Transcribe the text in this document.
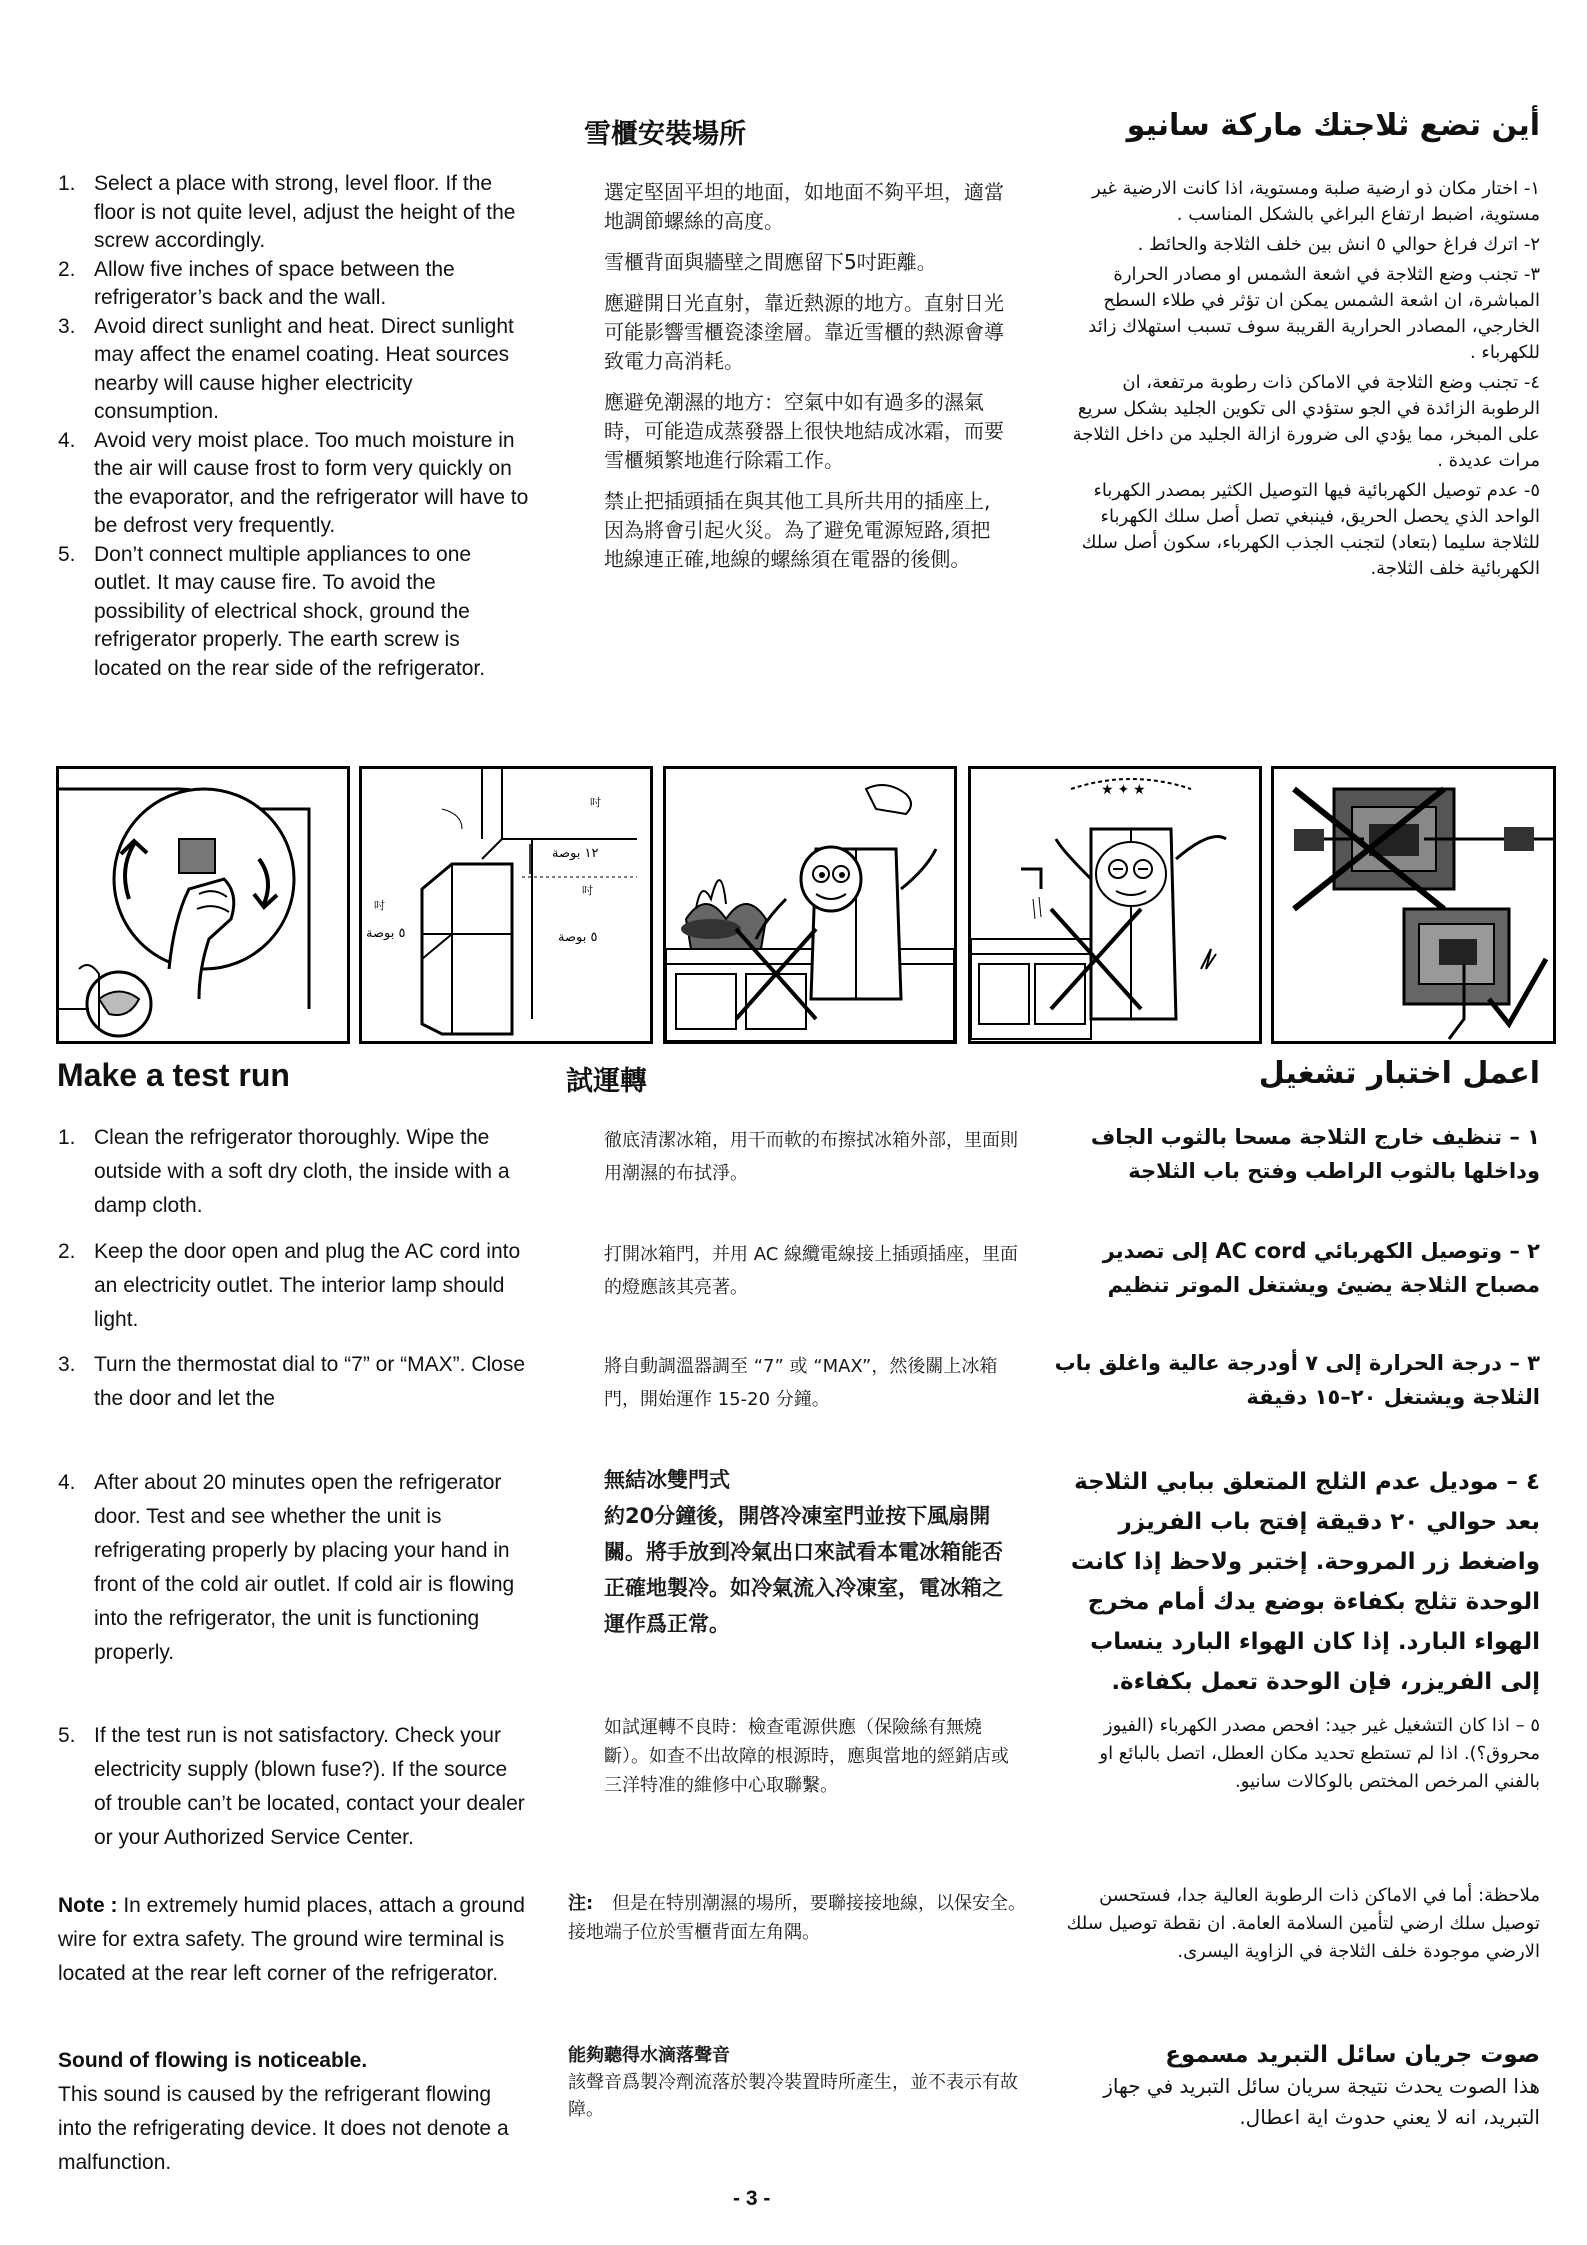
雪櫃安裝場所	أين تضع ثلاجتك ماركة سانيو
1. Select a place with strong, level floor. If the floor is not quite level, adjust the height of the screw accordingly.
2. Allow five inches of space between the refrigerator’s back and the wall.
3. Avoid direct sunlight and heat. Direct sunlight may affect the enamel coating. Heat sources nearby will cause higher electricity consumption.
4. Avoid very moist place. Too much moisture in the air will cause frost to form very quickly on the evaporator, and the refrigerator will have to be defrost very frequently.
5. Don’t connect multiple appliances to one outlet. It may cause fire. To avoid the possibility of electrical shock, ground the refrigerator properly. The earth screw is located on the rear side of the refrigerator.

選定堅固平坦的地面，如地面不夠平坦，適當地調節螺絲的高度。

雪櫃背面與牆壁之間應留下5吋距離。

應避開日光直射，靠近熱源的地方。直射日光可能影響雪櫃瓷漆塗層。靠近雪櫃的熱源會導致電力高消耗。

應避免潮濕的地方：空氣中如有過多的濕氣時，可能造成蒸發器上很快地結成冰霜，而要雪櫃頻繁地進行除霜工作。

禁止把插頭插在與其他工具所共用的插座上,因為將會引起火災。為了避免電源短路,須把地線連正確,地線的螺絲須在電器的後側。

١- اختار مكان ذو ارضية صلبة ومستوية، اذا كانت الارضية غير مستوية، اضبط ارتفاع البراغي بالشكل المناسب .

٢- اترك فراغ حوالي ٥ انش بين خلف الثلاجة والحائط .

٣- تجنب وضع الثلاجة في اشعة الشمس او مصادر الحرارة المباشرة، ان اشعة الشمس يمكن ان تؤثر في طلاء السطح الخارجي، المصادر الحرارية القريبة سوف تسبب استهلاك زائد للكهرباء .

٤- تجنب وضع الثلاجة في الاماكن ذات رطوبة مرتفعة، ان الرطوبة الزائدة في الجو ستؤدي الى تكوين الجليد بشكل سريع على المبخر، مما يؤدي الى ضرورة ازالة الجليد من داخل الثلاجة مرات عديدة .

٥- عدم توصيل الكهربائية فيها التوصيل الكثير بمصدر الكهرباء الواحد الذي يحصل الحريق، فينبغي تصل أصل سلك الكهرباء للثلاجة سليما (بتعاد) لتجنب الجذب الكهرباء، سكون أصل سلك الكهربائية خلف الثلاجة.

吋
١٢ بوصة
吋
٥ بوصة
吋
٥ بوصة
★ ✦ ★
Make a test run	試運轉	اعمل اختبار تشغيل
1. Clean the refrigerator thoroughly. Wipe the outside with a soft dry cloth, the inside with a damp cloth.
徹底清潔冰箱，用干而軟的布擦拭冰箱外部，里面則用潮濕的布拭淨。
١ – تنظيف خارج الثلاجة مسحا بالثوب الجاف وداخلها بالثوب الراطب وفتح باب الثلاجة
2. Keep the door open and plug the AC cord into an electricity outlet. The interior lamp should light.
打開冰箱門，并用 AC 線纜電線接上插頭插座，里面的燈應該其亮著。
٢ – وتوصيل الكهربائي AC cord إلى تصدير مصباح الثلاجة يضيئ ويشتغل الموتر تنظيم
3. Turn the thermostat dial to “7” or “MAX”. Close the door and let the
將自動調溫器調至 “7” 或 “MAX”，然後關上冰箱門，開始運作 15-20 分鐘。
٣ – درجة الحرارة إلى ٧ أودرجة عالية واغلق باب الثلاجة ويشتغل ٢٠–١٥ دقيقة
4. After about 20 minutes open the refrigerator door. Test and see whether the unit is refrigerating properly by placing your hand in front of the cold air outlet. If cold air is flowing into the refrigerator, the unit is functioning properly.
無結冰雙門式
約20分鐘後，開啓冷凍室門並按下風扇開關。將手放到冷氣出口來試看本電冰箱能否正確地製冷。如冷氣流入冷凍室，電冰箱之運作爲正常。
٤ – موديل عدم الثلج المتعلق ببابي الثلاجة بعد حوالي ٢٠ دقيقة إفتح باب الفريزر واضغط زر المروحة. إختبر ولاحظ إذا كانت الوحدة تثلج بكفاءة بوضع يدك أمام مخرج الهواء البارد. إذا كان الهواء البارد ينساب إلى الفريزر، فإن الوحدة تعمل بكفاءة.
5. If the test run is not satisfactory. Check your electricity supply (blown fuse?). If the source of trouble can’t be located, contact your dealer or your Authorized Service Center.
如試運轉不良時：檢查電源供應（保險絲有無燒斷）。如查不出故障的根源時，應與當地的經銷店或三洋特准的維修中心取聯繫。
٥ – اذا كان التشغيل غير جيد: افحص مصدر الكهرباء (الفيوز محروق؟). اذا لم تستطع تحديد مكان العطل، اتصل بالبائع او بالفني المرخص المختص بالوكالات سانيو.
Note : In extremely humid places, attach a ground wire for extra safety. The ground wire terminal is located at the rear left corner of the refrigerator.
注: 但是在特別潮濕的場所，要聯接接地線，以保安全。接地端子位於雪櫃背面左角隅。
ملاحظة: أما في الاماكن ذات الرطوبة العالية جدا، فستحسن توصيل سلك ارضي لتأمين السلامة العامة. ان نقطة توصيل سلك الارضي موجودة خلف الثلاجة في الزاوية اليسرى.
Sound of flowing is noticeable.
This sound is caused by the refrigerant flowing into the refrigerating device. It does not denote a malfunction.
能夠聽得水滴落聲音
該聲音爲製冷劑流落於製冷裝置時所產生，並不表示有故障。
صوت جريان سائل التبريد مسموع
هذا الصوت يحدث نتيجة سريان سائل التبريد في جهاز التبريد، انه لا يعني حدوث اية اعطال.
- 3 -
